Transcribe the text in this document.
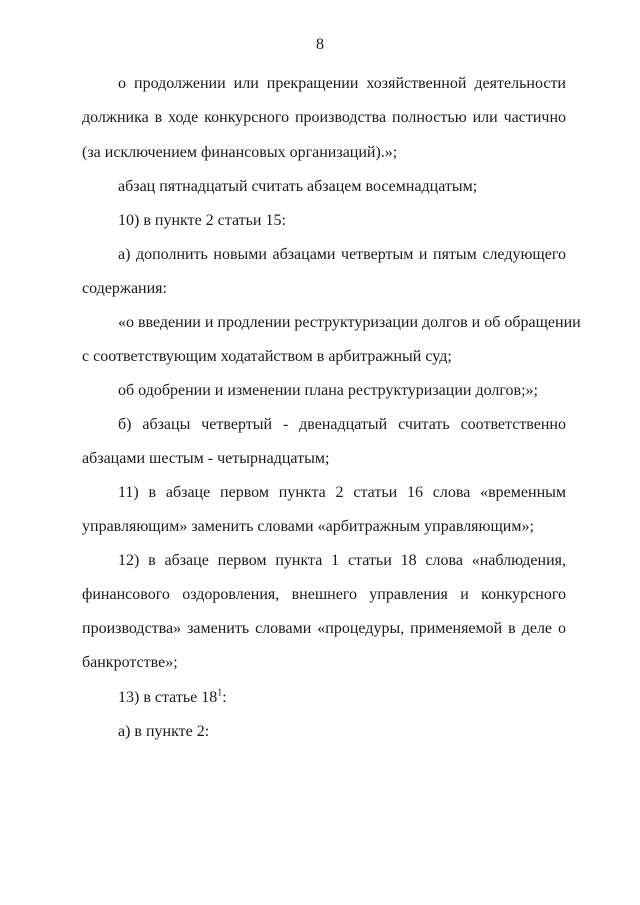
8
о продолжении или прекращении хозяйственной деятельности
должника в ходе конкурсного производства полностью или частично
(за исключением финансовых организаций).»;
абзац пятнадцатый считать абзацем восемнадцатым;
10) в пункте 2 статьи 15:
а) дополнить новыми абзацами четвертым и пятым следующего
содержания:
«о введении и продлении реструктуризации долгов и об обращении
с соответствующим ходатайством в арбитражный суд;
об одобрении и изменении плана реструктуризации долгов;»;
б) абзацы четвертый - двенадцатый считать соответственно
абзацами шестым - четырнадцатым;
11) в абзаце первом пункта 2 статьи 16 слова «временным
управляющим» заменить словами «арбитражным управляющим»;
12) в абзаце первом пункта 1 статьи 18 слова «наблюдения,
финансового оздоровления, внешнего управления и конкурсного
производства» заменить словами «процедуры, применяемой в деле о
банкротстве»;
13) в статье $18^1$:
а) в пункте 2:
